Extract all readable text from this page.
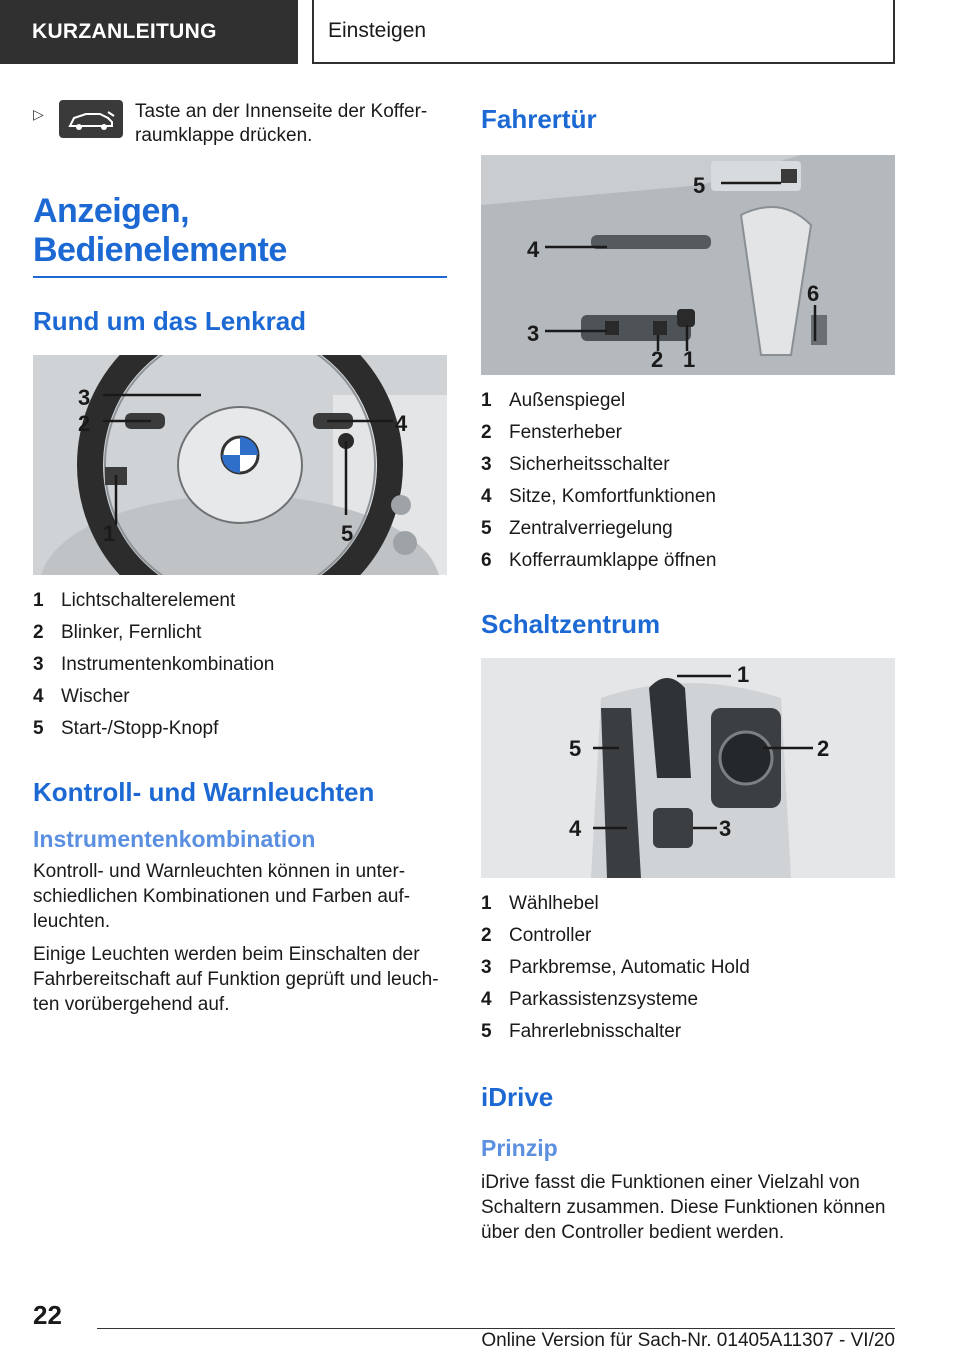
KURZANLEITUNG	Einsteigen
▷	Taste an der Innenseite der Koffer-
raumklappe drücken.
Anzeigen, Bedienelemente
Rund um das Lenkrad
3
2	4
1	5
1 Lichtschalterelement
2 Blinker, Fernlicht
3 Instrumentenkombination
4 Wischer
5 Start-/Stopp-Knopf
Kontroll- und Warnleuchten
Instrumentenkombination

Kontroll- und Warnleuchten können in unter-
schiedlichen Kombinationen und Farben auf-
leuchten.

Einige Leuchten werden beim Einschalten der
Fahrbereitschaft auf Funktion geprüft und leuch-
ten vorübergehend auf.

Fahrertür
5
4
3
2 1
6
1 Außenspiegel
2 Fensterheber
3 Sicherheitsschalter
4 Sitze, Komfortfunktionen
5 Zentralverriegelung
6 Kofferraumklappe öffnen
Schaltzentrum
1
2
3
4
5
1 Wählhebel
2 Controller
3 Parkbremse, Automatic Hold
4 Parkassistenzsysteme
5 Fahrerlebnisschalter
iDrive
Prinzip

iDrive fasst die Funktionen einer Vielzahl von
Schaltern zusammen. Diese Funktionen können
über den Controller bedient werden.

22
Online Version für Sach-Nr. 01405A11307 - VI/20
